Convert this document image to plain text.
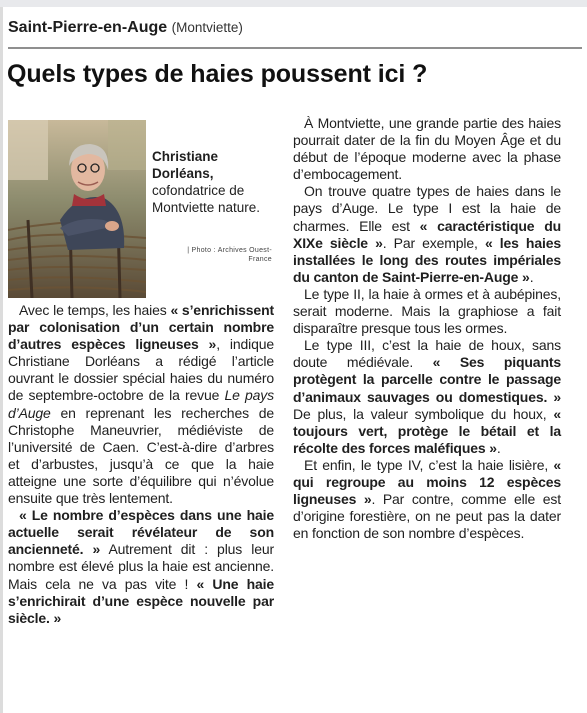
Saint-Pierre-en-Auge (Montviette)
Quels types de haies poussent ici ?
Christiane Dorléans,
cofondatrice de Montviette nature.
| Photo : Archives Ouest-
France

Avec le temps, les haies « s’enrichissent par colonisation d’un certain nombre d’autres espèces ligneuses », indique Christiane Dorléans a rédigé l’article ouvrant le dossier spécial haies du numéro de septembre-octobre de la revue Le pays d’Auge en reprenant les recherches de Christophe Maneuvrier, médiéviste de l’université de Caen. C’est-à-dire d’arbres et d’arbustes, jusqu’à ce que la haie atteigne une sorte d’équilibre qui n’évolue ensuite que très lentement.

« Le nombre d’espèces dans une haie actuelle serait révélateur de son ancienneté. » Autrement dit : plus leur nombre est élevé plus la haie est ancienne. Mais cela ne va pas vite ! « Une haie s’enrichirait d’une espèce nouvelle par siècle. »

À Montviette, une grande partie des haies pourrait dater de la fin du Moyen Âge et du début de l’époque moderne avec la phase d’embocagement.

On trouve quatre types de haies dans le pays d’Auge. Le type I est la haie de charmes. Elle est « caractéristique du XIXe siècle ». Par exemple, « les haies installées le long des routes impériales du canton de Saint-Pierre-en-Auge ».

Le type II, la haie à ormes et à aubépines, serait moderne. Mais la graphiose a fait disparaître presque tous les ormes.

Le type III, c’est la haie de houx, sans doute médiévale. « Ses piquants protègent la parcelle contre le passage d’animaux sauvages ou domestiques. » De plus, la valeur symbolique du houx, « toujours vert, protège le bétail et la récolte des forces maléfiques ».

Et enfin, le type IV, c’est la haie lisière, « qui regroupe au moins 12 espèces ligneuses ». Par contre, comme elle est d’origine forestière, on ne peut pas la dater en fonction de son nombre d’espèces.
